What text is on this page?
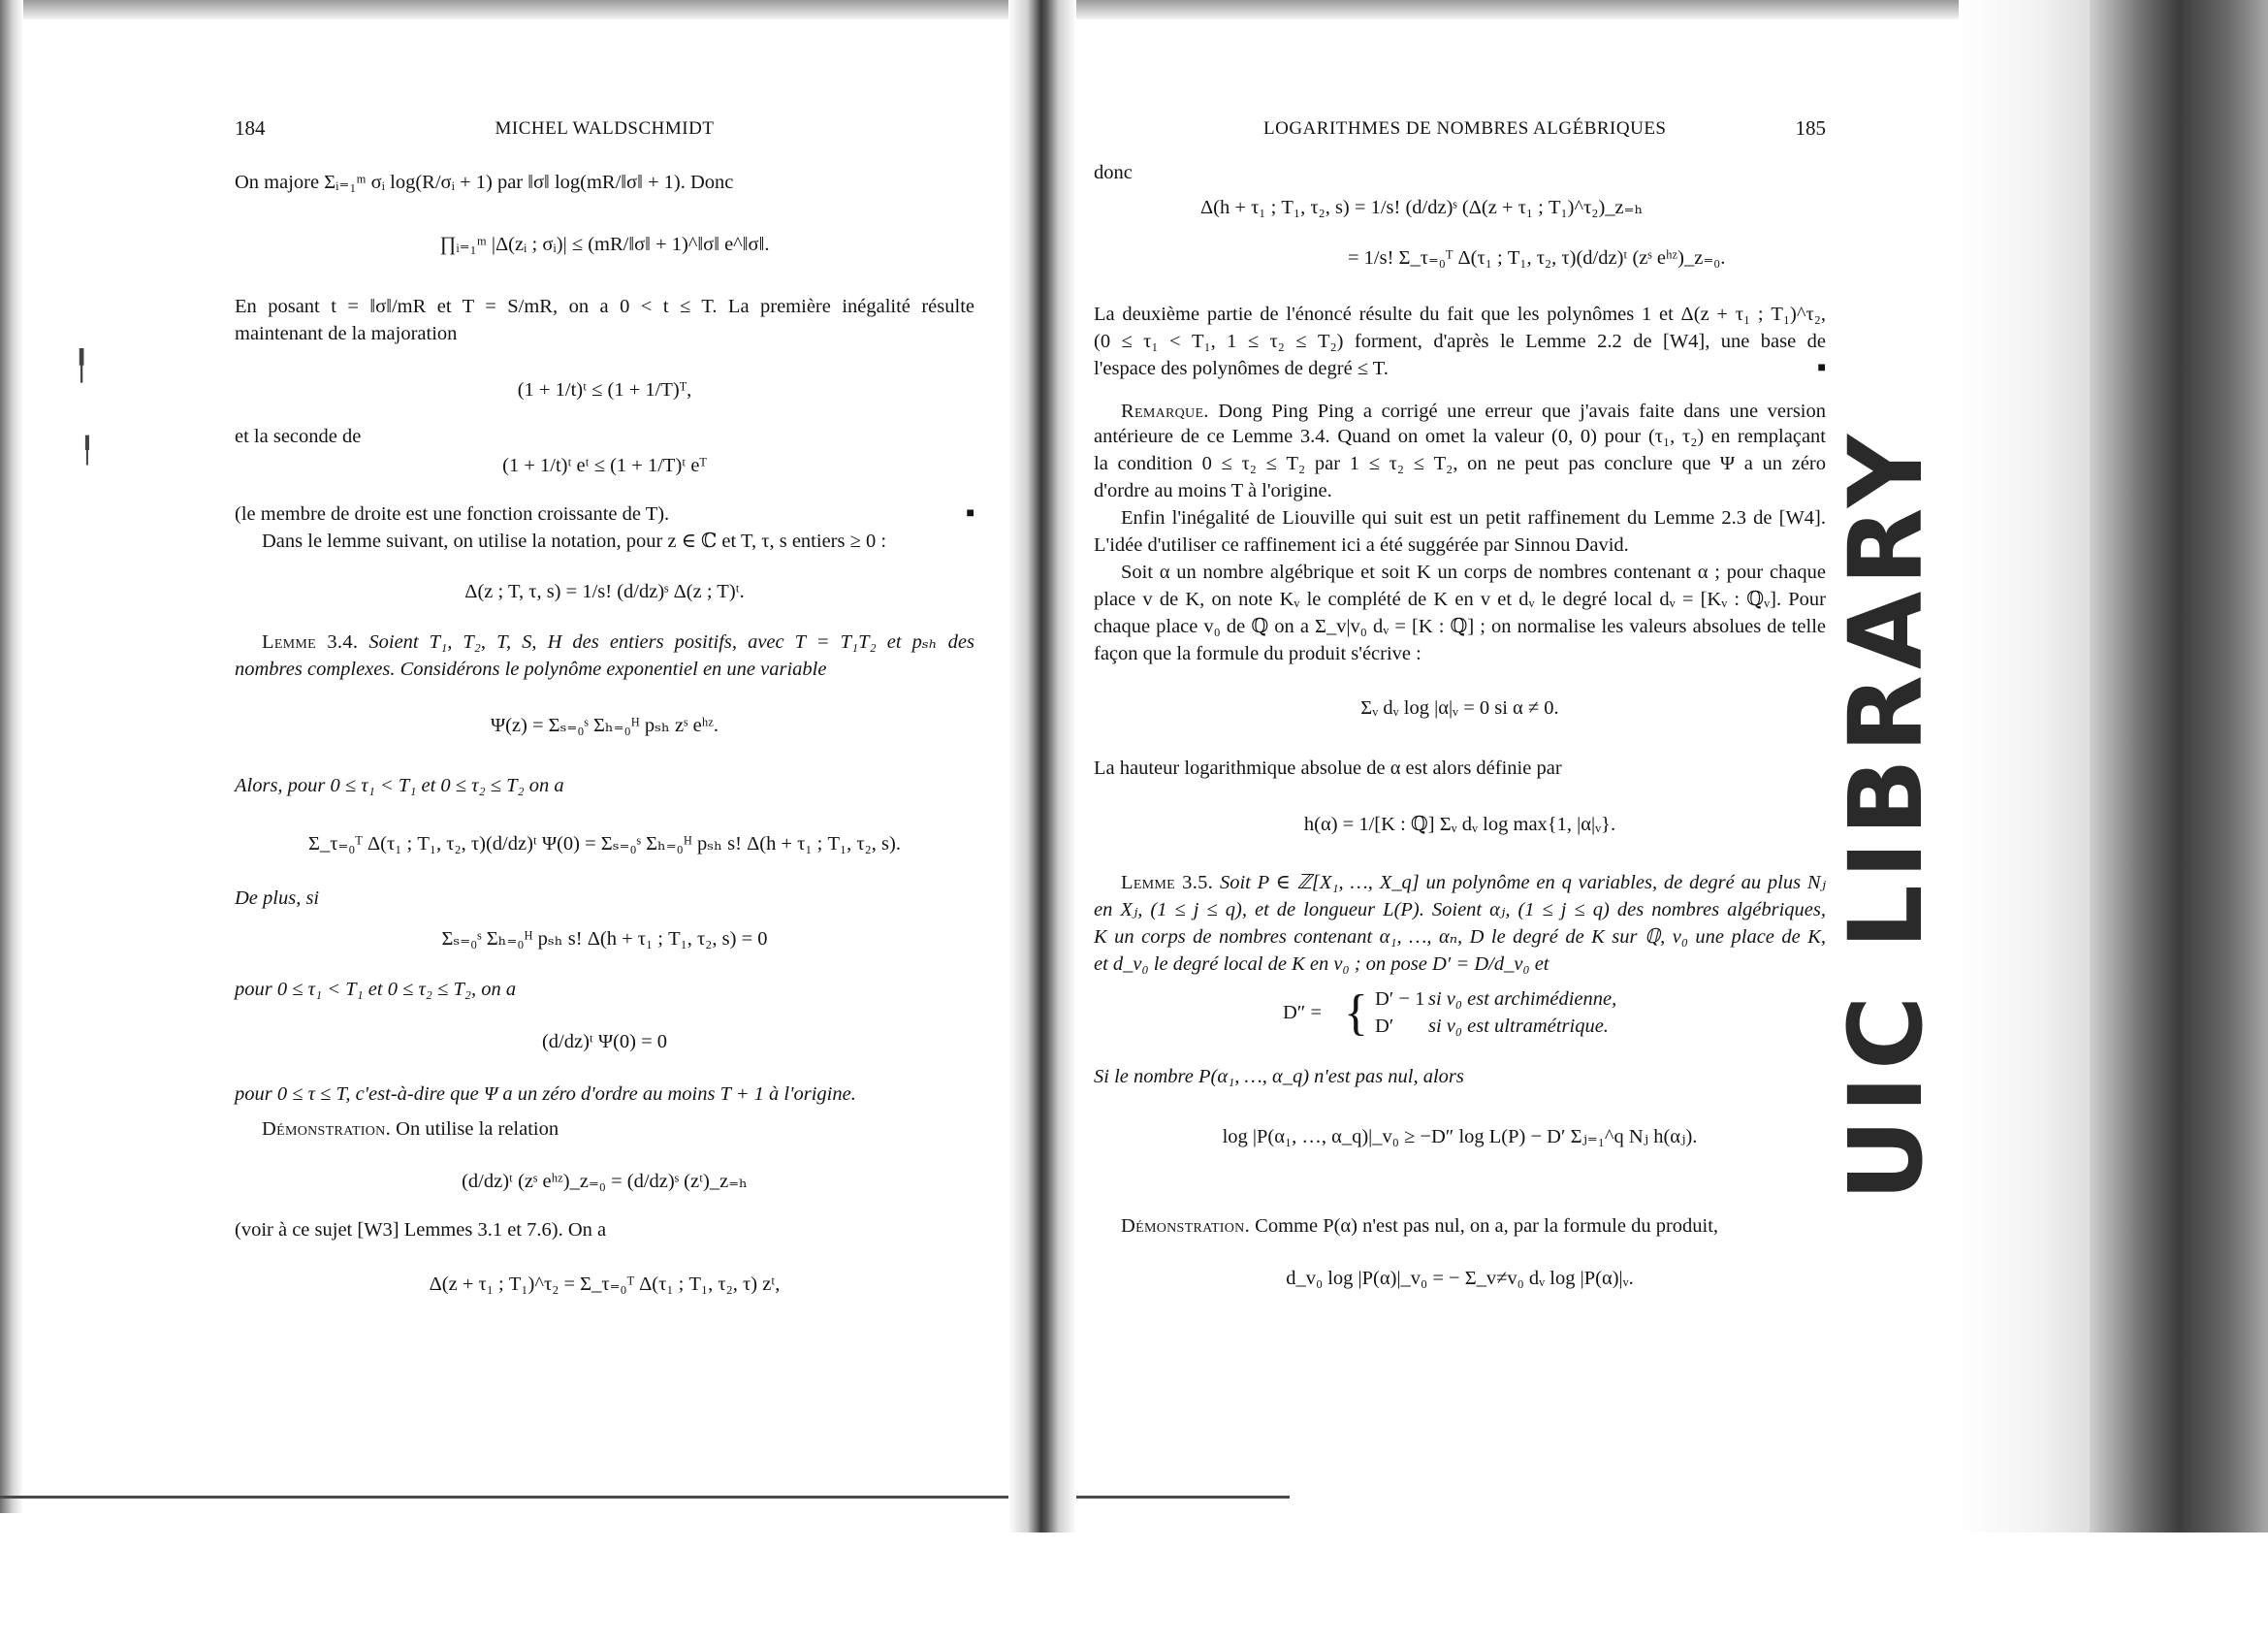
UIC LIBRARY
╿
╿
184	MICHEL WALDSCHMIDT
On majore Σᵢ₌₁ᵐ σᵢ log(R/σᵢ + 1) par ‖σ‖ log(mR/‖σ‖ + 1). Donc
∏ᵢ₌₁ᵐ |Δ(zᵢ ; σᵢ)| ≤ (mR/‖σ‖ + 1)^‖σ‖ e^‖σ‖.
En posant t = ‖σ‖/mR et T = S/mR, on a 0 < t ≤ T. La première inégalité résulte
maintenant de la majoration
(1 + 1/t)ᵗ ≤ (1 + 1/T)ᵀ,
et la seconde de
(1 + 1/t)ᵗ eᵗ ≤ (1 + 1/T)ᵗ eᵀ
(le membre de droite est une fonction croissante de T).	■
Dans le lemme suivant, on utilise la notation, pour z ∈ ℂ et T, τ, s entiers ≥ 0 :
Δ(z ; T, τ, s) = 1/s! (d/dz)ˢ Δ(z ; T)ᵗ.
Lemme 3.4. Soient T₁, T₂, T, S, H des entiers positifs, avec T = T₁T₂ et pₛₕ des
nombres complexes. Considérons le polynôme exponentiel en une variable
Ψ(z) = Σₛ₌₀ˢ Σₕ₌₀ᴴ pₛₕ zˢ eʰᶻ.
Alors, pour 0 ≤ τ₁ < T₁ et 0 ≤ τ₂ ≤ T₂ on a
Σ_τ₌₀ᵀ Δ(τ₁ ; T₁, τ₂, τ)(d/dz)ᵗ Ψ(0) = Σₛ₌₀ˢ Σₕ₌₀ᴴ pₛₕ s! Δ(h + τ₁ ; T₁, τ₂, s).
De plus, si
Σₛ₌₀ˢ Σₕ₌₀ᴴ pₛₕ s! Δ(h + τ₁ ; T₁, τ₂, s) = 0
pour 0 ≤ τ₁ < T₁ et 0 ≤ τ₂ ≤ T₂, on a
(d/dz)ᵗ Ψ(0) = 0
pour 0 ≤ τ ≤ T, c'est-à-dire que Ψ a un zéro d'ordre au moins T + 1 à l'origine.
Démonstration. On utilise la relation
(d/dz)ᵗ (zˢ eʰᶻ)_z₌₀ = (d/dz)ˢ (zᵗ)_z₌ₕ
(voir à ce sujet [W3] Lemmes 3.1 et 7.6). On a
Δ(z + τ₁ ; T₁)^τ₂ = Σ_τ₌₀ᵀ Δ(τ₁ ; T₁, τ₂, τ) zᵗ,
LOGARITHMES DE NOMBRES ALGÉBRIQUES	185
donc
Δ(h + τ₁ ; T₁, τ₂, s) = 1/s! (d/dz)ˢ (Δ(z + τ₁ ; T₁)^τ₂)_z₌ₕ
= 1/s! Σ_τ₌₀ᵀ Δ(τ₁ ; T₁, τ₂, τ)(d/dz)ᵗ (zˢ eʰᶻ)_z₌₀.
La deuxième partie de l'énoncé résulte du fait que les polynômes 1 et Δ(z + τ₁ ; T₁)^τ₂,
(0 ≤ τ₁ < T₁, 1 ≤ τ₂ ≤ T₂) forment, d'après le Lemme 2.2 de [W4], une base de
l'espace des polynômes de degré ≤ T.	■
Remarque. Dong Ping Ping a corrigé une erreur que j'avais faite dans une version
antérieure de ce Lemme 3.4. Quand on omet la valeur (0, 0) pour (τ₁, τ₂) en remplaçant
la condition 0 ≤ τ₂ ≤ T₂ par 1 ≤ τ₂ ≤ T₂, on ne peut pas conclure que Ψ a un zéro
d'ordre au moins T à l'origine.
Enfin l'inégalité de Liouville qui suit est un petit raffinement du Lemme 2.3 de [W4].
L'idée d'utiliser ce raffinement ici a été suggérée par Sinnou David.
Soit α un nombre algébrique et soit K un corps de nombres contenant α ; pour chaque
place v de K, on note Kᵥ le complété de K en v et dᵥ le degré local dᵥ = [Kᵥ : ℚᵥ]. Pour
chaque place v₀ de ℚ on a Σ_v|v₀ dᵥ = [K : ℚ] ; on normalise les valeurs absolues de telle
façon que la formule du produit s'écrive :
Σᵥ dᵥ log |α|ᵥ = 0 si α ≠ 0.
La hauteur logarithmique absolue de α est alors définie par
h(α) = 1/[K : ℚ] Σᵥ dᵥ log max{1, |α|ᵥ}.
Lemme 3.5. Soit P ∈ ℤ[X₁, …, X_q] un polynôme en q variables, de degré au plus Nⱼ
en Xⱼ, (1 ≤ j ≤ q), et de longueur L(P). Soient αⱼ, (1 ≤ j ≤ q) des nombres algébriques,
K un corps de nombres contenant α₁, …, αₙ, D le degré de K sur ℚ, v₀ une place de K,
et d_v₀ le degré local de K en v₀ ; on pose D′ = D/d_v₀ et
D″ = { D′ − 1 si v₀ est archimédienne,
D′	si v₀ est ultramétrique.
Si le nombre P(α₁, …, α_q) n'est pas nul, alors
log |P(α₁, …, α_q)|_v₀ ≥ −D″ log L(P) − D′ Σⱼ₌₁^q Nⱼ h(αⱼ).
Démonstration. Comme P(α) n'est pas nul, on a, par la formule du produit,
d_v₀ log |P(α)|_v₀ = − Σ_v≠v₀ dᵥ log |P(α)|ᵥ.
